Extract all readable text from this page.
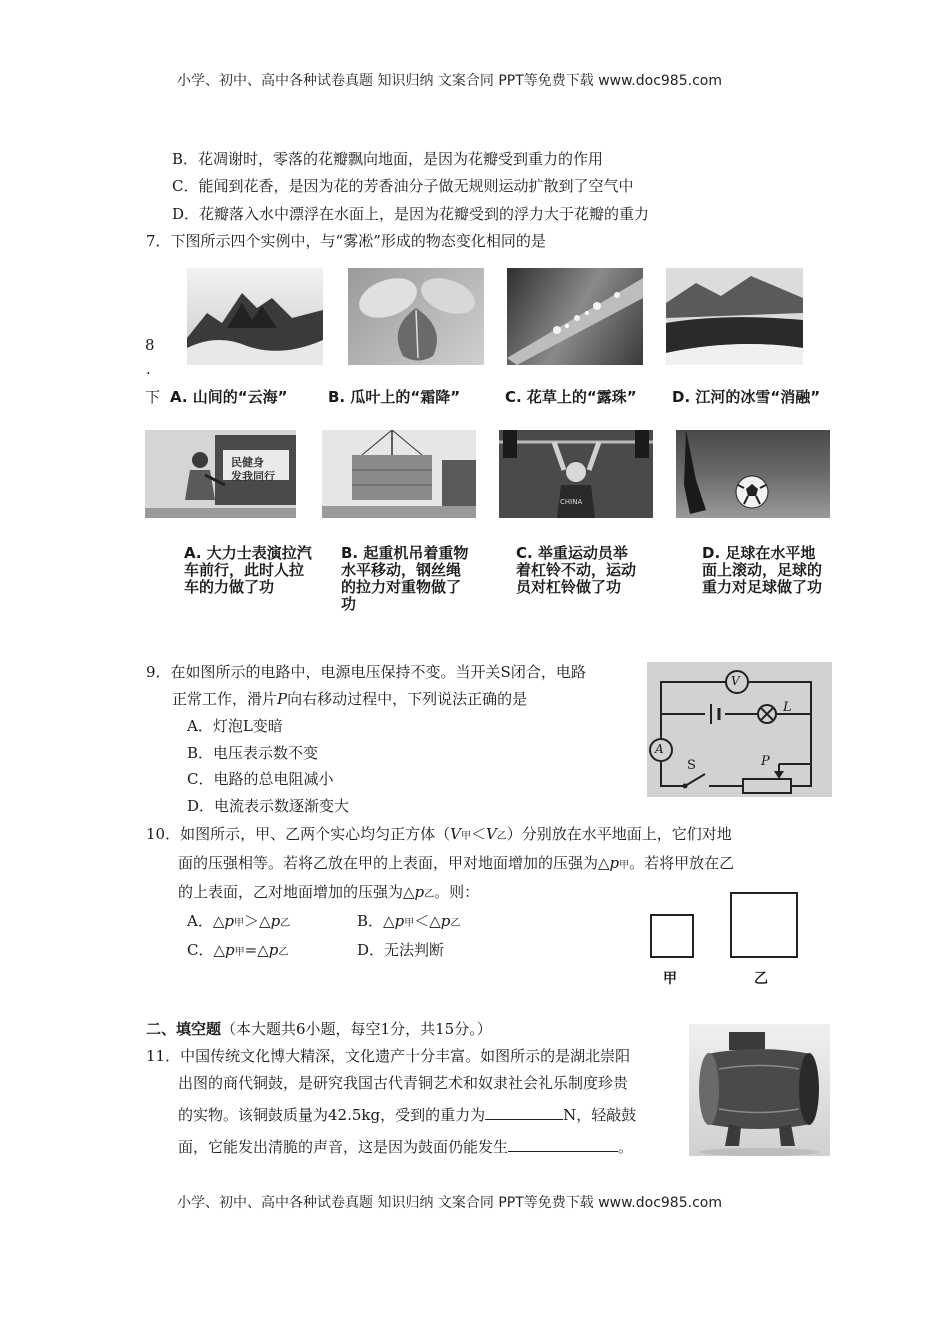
小学、初中、高中各种试卷真题 知识归纳 文案合同 PPT等免费下载 www.doc985.com
小学、初中、高中各种试卷真题 知识归纳 文案合同 PPT等免费下载 www.doc985.com
B．花凋谢时，零落的花瓣飘向地面，是因为花瓣受到重力的作用
C．能闻到花香，是因为花的芳香油分子做无规则运动扩散到了空气中
D．花瓣落入水中漂浮在水面上，是因为花瓣受到的浮力大于花瓣的重力
7．下图所示四个实例中，与“雾凇”形成的物态变化相同的是
8
.
下 A. 山间的“云海”	B. 瓜叶上的“霜降”	C. 花草上的“露珠” D. 江河的冰雪“消融”
民健身
发我同行
CHINA
A. 大力士表演拉汽车前行，此时人拉车的力做了功
B. 起重机吊着重物水平移动，钢丝绳的拉力对重物做了功
C. 举重运动员举着杠铃不动，运动员对杠铃做了功
D. 足球在水平地面上滚动，足球的重力对足球做了功
9．在如图所示的电路中，电源电压保持不变。当开关S闭合，电路
正常工作，滑片P向右移动过程中，下列说法正确的是
A．灯泡L变暗
B．电压表示数不变
C．电路的总电阻减小
D．电流表示数逐渐变大
V
A
L
S	P
10．如图所示，甲、乙两个实心均匀正方体（V甲＜V乙）分别放在水平地面上，它们对地
面的压强相等。若将乙放在甲的上表面，甲对地面增加的压强为△p甲。若将甲放在乙
的上表面，乙对地面增加的压强为△p乙。则：
A．△p甲＞△p乙	B．△p甲＜△p乙
C．△p甲=△p乙	D．无法判断
甲	乙
二、填空题（本大题共6小题，每空1分，共15分。）
11．中国传统文化博大精深，文化遗产十分丰富。如图所示的是湖北崇阳
出图的商代铜鼓，是研究我国古代青铜艺术和奴隶社会礼乐制度珍贵
的实物。该铜鼓质量为42.5kg，受到的重力为	N，轻敲鼓
面，它能发出清脆的声音，这是因为鼓面仍能发生	。
